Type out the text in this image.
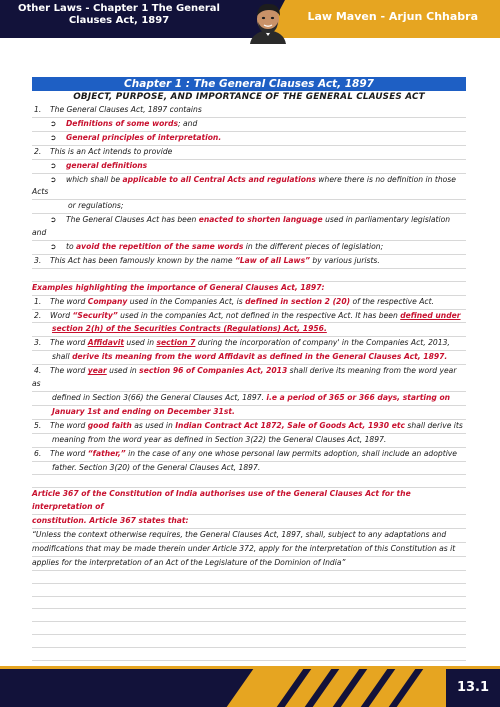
Other Laws - Chapter 1 The General Clauses Act, 1897	Law Maven - Arjun Chhabra
Chapter 1 : The General Clauses Act, 1897
OBJECT, PURPOSE, AND IMPORTANCE OF THE GENERAL CLAUSES ACT
1. The General Clauses Act, 1897 contains
➲ Definitions of some words; and
➲ General principles of interpretation.
2. This is an Act intends to provide
➲ general definitions
➲ which shall be applicable to all Central Acts and regulations where there is no definition in those Acts
or regulations;
➲ The General Clauses Act has been enacted to shorten language used in parliamentary legislation and
➲ to avoid the repetition of the same words in the different pieces of legislation;
3. This Act has been famously known by the name “Law of all Laws” by various jurists.
Examples highlighting the importance of General Clauses Act, 1897:
1. The word Company used in the Companies Act, is defined in section 2 (20) of the respective Act.
2. Word “Security” used in the companies Act, not defined in the respective Act. It has been defined under
section 2(h) of the Securities Contracts (Regulations) Act, 1956.
3. The word Affidavit used in section 7 during the incorporation of company' in the Companies Act, 2013,
shall derive its meaning from the word Affidavit as defined in the General Clauses Act, 1897.
4. The word year used in section 96 of Companies Act, 2013 shall derive its meaning from the word year as
defined in Section 3(66) the General Clauses Act, 1897. i.e a period of 365 or 366 days, starting on
January 1st and ending on December 31st.
5. The word good faith as used in Indian Contract Act 1872, Sale of Goods Act, 1930 etc shall derive its
meaning from the word year as defined in Section 3(22) the General Clauses Act, 1897.
6. The word “father,” in the case of any one whose personal law permits adoption, shall include an adoptive
father. Section 3(20) of the General Clauses Act, 1897.
Article 367 of the Constitution of India authorises use of the General Clauses Act for the interpretation of
constitution. Article 367 states that:
“Unless the context otherwise requires, the General Clauses Act, 1897, shall, subject to any adaptations and
modifications that may be made therein under Article 372, apply for the interpretation of this Constitution as it
applies for the interpretation of an Act of the Legislature of the Dominion of India”
13.1
